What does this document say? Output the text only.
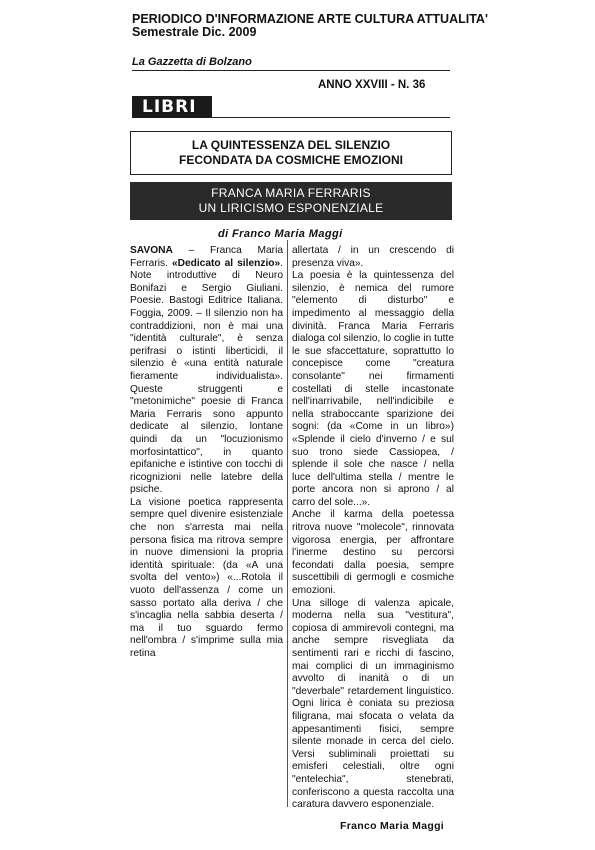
PERIODICO D'INFORMAZIONE ARTE CULTURA ATTUALITA'
Semestrale Dic. 2009
La Gazzetta di Bolzano
ANNO XXVIII - N. 36
LIBRI
LA QUINTESSENZA DEL SILENZIO
FECONDATA DA COSMICHE EMOZIONI
FRANCA MARIA FERRARIS
UN LIRICISMO ESPONENZIALE
di Franco Maria Maggi

SAVONA – Franca Maria Ferraris. «Dedicato al silenzio». Note introduttive di Neuro Bonifazi e Sergio Giuliani. Poesie. Bastogi Editrice Italiana. Foggia, 2009. – Il silenzio non ha contraddizioni, non è mai una "identità culturale", è senza perifrasi o istinti liberticidi, il silenzio è «una entità naturale fieramente individualista». Queste struggenti e "metonimiche" poesie di Franca Maria Ferraris sono appunto dedicate al silenzio, lontane quindi da un "locuzionismo morfosintattico", in quanto epifaniche e istintive con tocchi di ricognizioni nelle latebre della psiche.

La visione poetica rappresenta sempre quel divenire esistenziale che non s'arresta mai nella persona fisica ma ritrova sempre in nuove dimensioni la propria identità spirituale: (da «A una svolta del vento») «...Rotola il vuoto dell'assenza / come un sasso portato alla deriva / che s'incaglia nella sabbia deserta / ma il tuo sguardo fermo nell'ombra / s'imprime sulla mia retina

allertata / in un crescendo di presenza viva».

La poesia è la quintessenza del silenzio, è nemica del rumore "elemento di disturbo" e impedimento al messaggio della divinità. Franca Maria Ferraris dialoga col silenzio, lo coglie in tutte le sue sfaccettature, soprattutto lo concepisce come "creatura consolante" nei firmamenti costellati di stelle incastonate nell'inarrivabile, nell'indicibile e nella straboccante sparizione dei sogni: (da «Come in un libro») «Splende il cielo d'inverno / e sul suo trono siede Cassiopea, / splende il sole che nasce / nella luce dell'ultima stella / mentre le porte ancora non si aprono / al carro del sole...».

Anche il karma della poetessa ritrova nuove "molecole", rinnovata vigorosa energia, per affrontare l'inerme destino su percorsi fecondati dalla poesia, sempre suscettibili di germogli e cosmiche emozioni.

Una silloge di valenza apicale, moderna nella sua "vestitura", copiosa di ammirevoli contegni, ma anche sempre risvegliata da sentimenti rari e ricchi di fascino, mai complici di un immaginismo avvolto di inanità o di un "deverbale" retardement linguistico. Ogni lirica è coniata su preziosa filigrana, mai sfocata o velata da appesantimenti fisici, sempre silente monade in cerca del cielo. Versi subliminali proiettati su emisferi celestiali, oltre ogni "entelechia", stenebrati, conferiscono a questa raccolta una caratura davvero esponenziale.

Franco Maria Maggi
